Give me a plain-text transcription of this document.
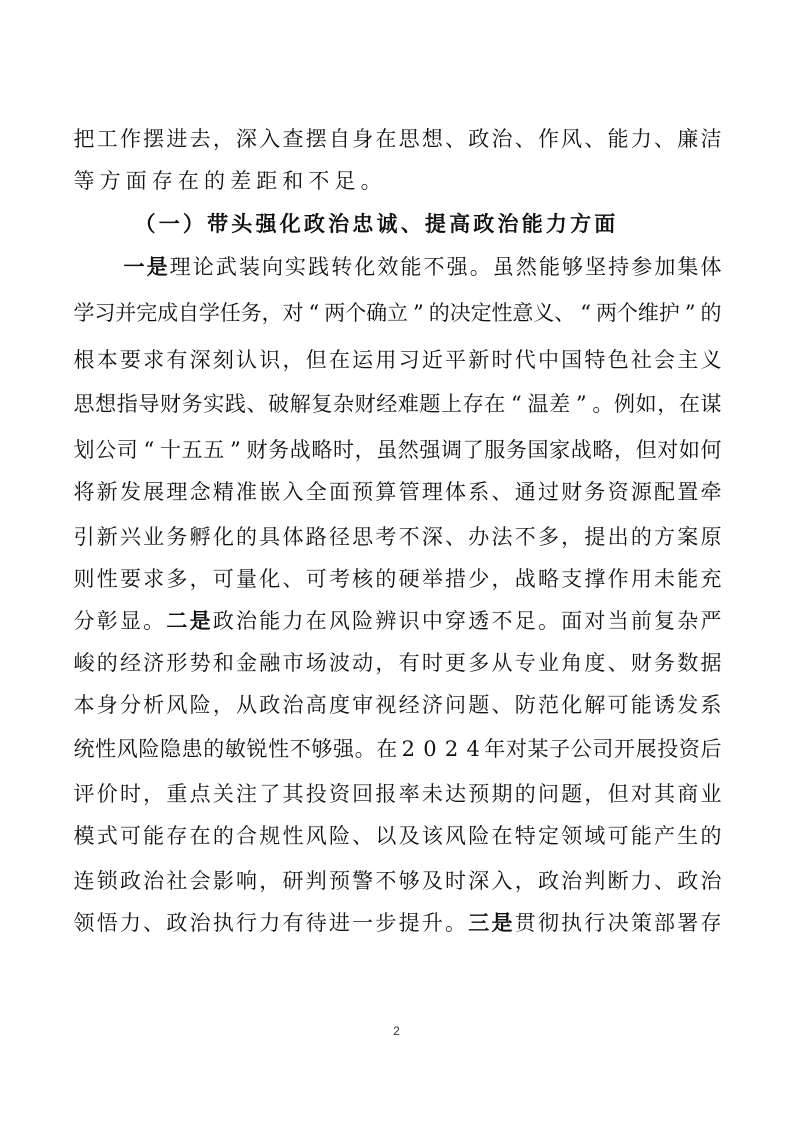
把 工 作 摆 进 去 ， 深 入 查 摆 自 身 在 思 想 、 政 治 、 作 风 、 能 力 、 廉 洁
等 方 面 存 在 的 差 距 和 不 足 。
（ 一 ） 带 头 强 化 政 治 忠 诚 、 提 高 政 治 能 力 方 面
一 是 理 论 武 装 向 实 践 转 化 效 能 不 强 。 虽 然 能 够 坚 持 参 加 集 体
学 习 并 完 成 自 学 任 务 ， 对 “ 两 个 确 立 ” 的 决 定 性 意 义 、 “ 两 个 维 护 ” 的
根 本 要 求 有 深 刻 认 识 ， 但 在 运 用 习 近 平 新 时 代 中 国 特 色 社 会 主 义
思 想 指 导 财 务 实 践 、 破 解 复 杂 财 经 难 题 上 存 在 “ 温 差 ” 。 例 如 ， 在 谋
划 公 司 “ 十 五 五 ” 财 务 战 略 时 ， 虽 然 强 调 了 服 务 国 家 战 略 ， 但 对 如 何
将 新 发 展 理 念 精 准 嵌 入 全 面 预 算 管 理 体 系 、 通 过 财 务 资 源 配 置 牵
引 新 兴 业 务 孵 化 的 具 体 路 径 思 考 不 深 、 办 法 不 多 ， 提 出 的 方 案 原
则 性 要 求 多 ， 可 量 化 、 可 考 核 的 硬 举 措 少 ， 战 略 支 撑 作 用 未 能 充
分 彰 显 。 二 是 政 治 能 力 在 风 险 辨 识 中 穿 透 不 足 。 面 对 当 前 复 杂 严
峻 的 经 济 形 势 和 金 融 市 场 波 动 ， 有 时 更 多 从 专 业 角 度 、 财 务 数 据
本 身 分 析 风 险 ， 从 政 治 高 度 审 视 经 济 问 题 、 防 范 化 解 可 能 诱 发 系
统 性 风 险 隐 患 的 敏 锐 性 不 够 强 。 在 2 0 2 4 年 对 某 子 公 司 开 展 投 资 后
评 价 时 ， 重 点 关 注 了 其 投 资 回 报 率 未 达 预 期 的 问 题 ， 但 对 其 商 业
模 式 可 能 存 在 的 合 规 性 风 险 、 以 及 该 风 险 在 特 定 领 域 可 能 产 生 的
连 锁 政 治 社 会 影 响 ， 研 判 预 警 不 够 及 时 深 入 ， 政 治 判 断 力 、 政 治
领 悟 力 、 政 治 执 行 力 有 待 进 一 步 提 升 。 三 是 贯 彻 执 行 决 策 部 署 存
2
